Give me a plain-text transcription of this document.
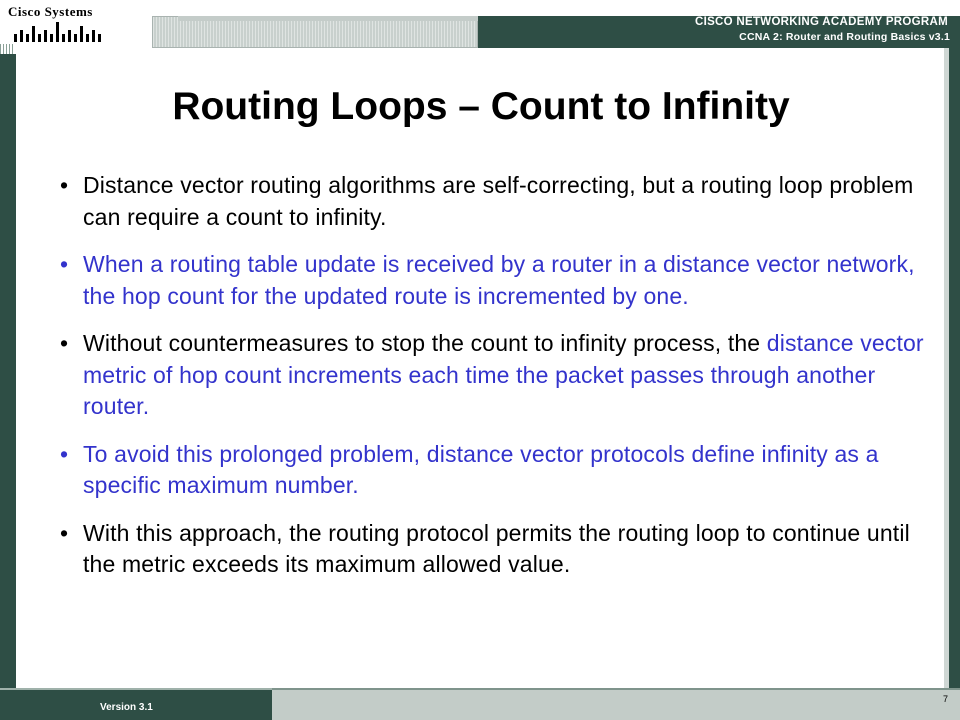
Cisco Systems
CISCO NETWORKING ACADEMY PROGRAM
CCNA 2: Router and Routing Basics v3.1
Routing Loops – Count to Infinity
• Distance vector routing algorithms are self-correcting, but a routing loop problem can require a count to infinity.
• When a routing table update is received by a router in a distance vector network, the hop count for the updated route is incremented by one.
• Without countermeasures to stop the count to infinity process, the distance vector metric of hop count increments each time the packet passes through another router.
• To avoid this prolonged problem, distance vector protocols define infinity as a specific maximum number.
• With this approach, the routing protocol permits the routing loop to continue until the metric exceeds its maximum allowed value.
Version 3.1
7
